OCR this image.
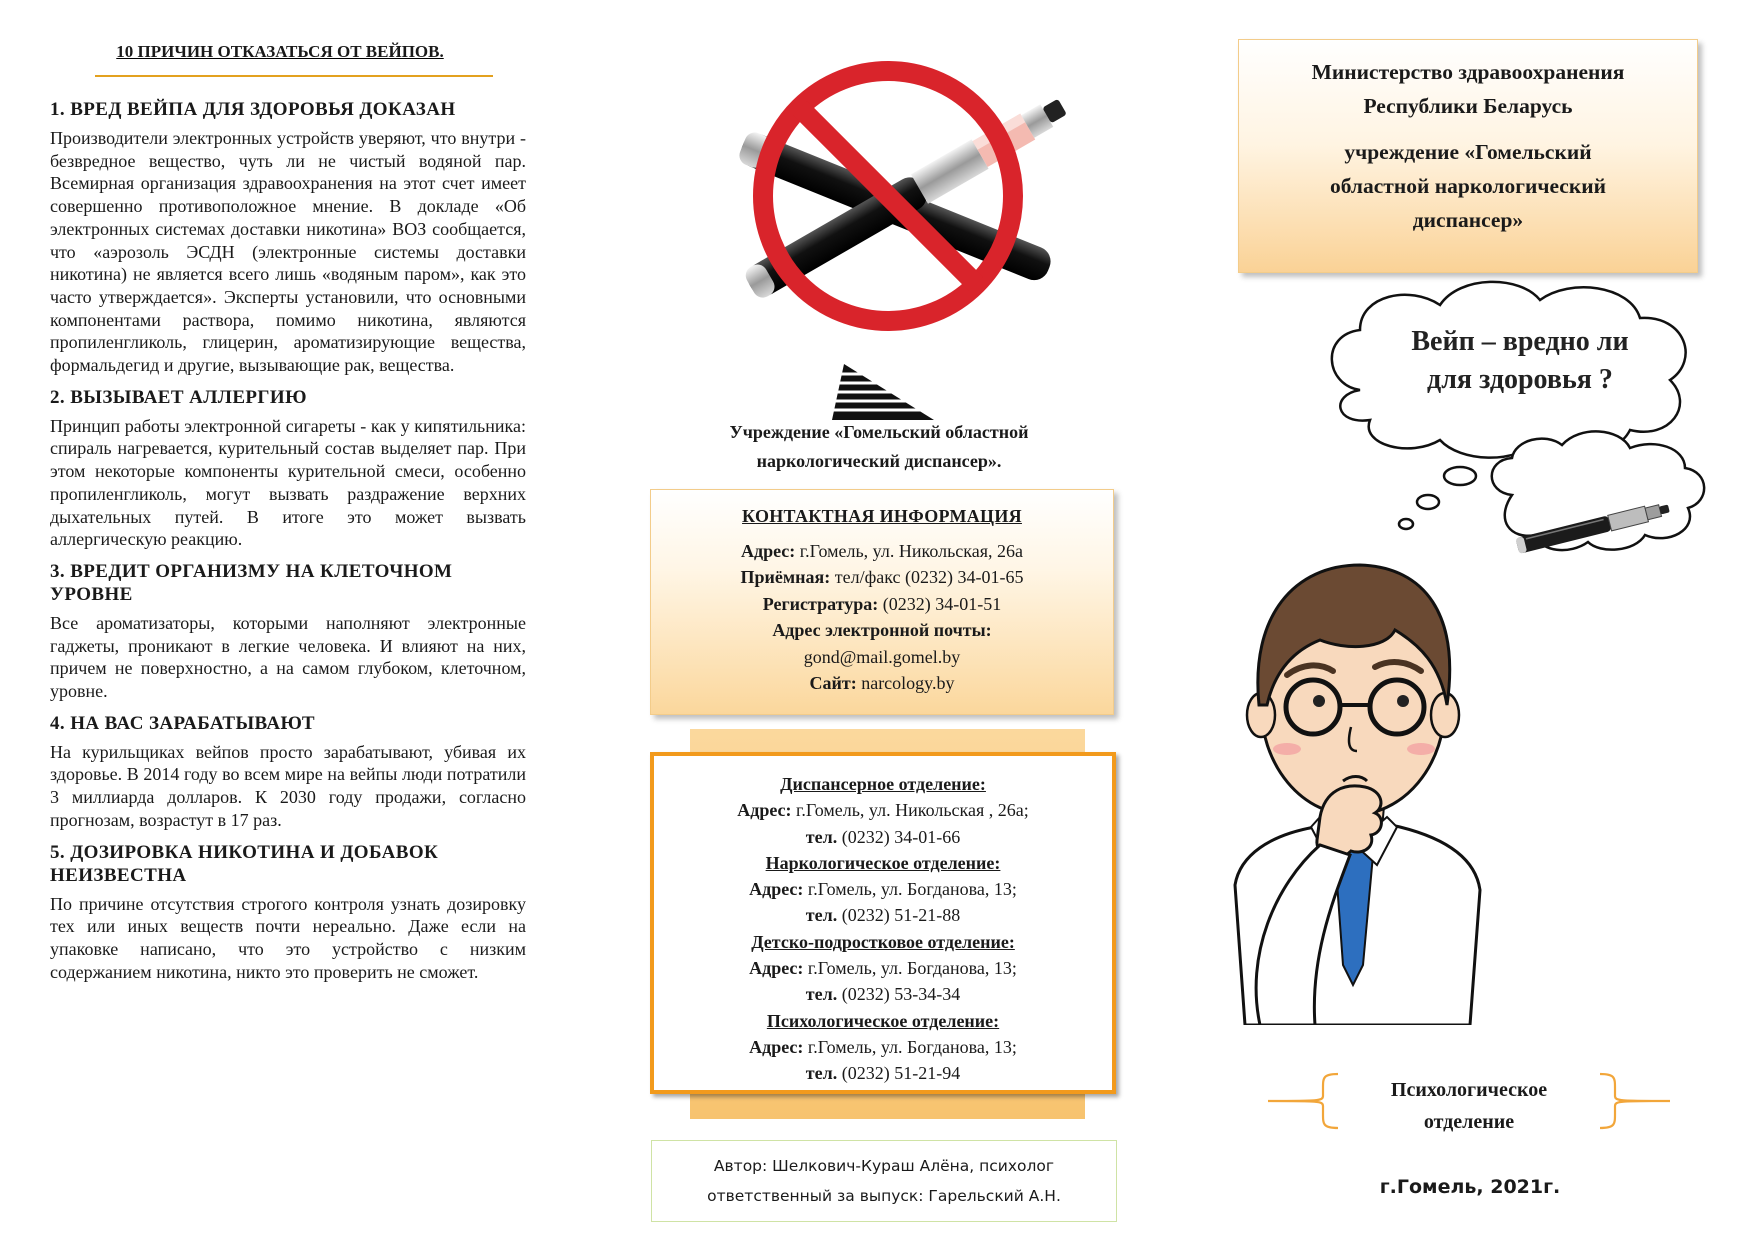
10 ПРИЧИН ОТКАЗАТЬСЯ ОТ ВЕЙПОВ.
1. ВРЕД ВЕЙПА ДЛЯ ЗДОРОВЬЯ ДОКАЗАН

Производители электронных устройств уверяют, что внутри - безвредное вещество, чуть ли не чистый водяной пар. Всемирная организация здравоохранения на этот счет имеет совершенно противоположное мнение. В докладе «Об электронных системах доставки никотина» ВОЗ сообщается, что «аэрозоль ЭСДН (электронные системы доставки никотина) не является всего лишь «водяным паром», как это часто утверждается». Эксперты установили, что основными компонентами раствора, помимо никотина, являются пропиленгликоль, глицерин, ароматизирующие вещества, формальдегид и другие, вызывающие рак, вещества.

2. ВЫЗЫВАЕТ АЛЛЕРГИЮ

Принцип работы электронной сигареты - как у кипятильника: спираль нагревается, курительный состав выделяет пар. При этом некоторые компоненты курительной смеси, особенно пропиленгликоль, могут вызвать раздражение верхних дыхательных путей. В итоге это может вызвать аллергическую реакцию.

3. ВРЕДИТ ОРГАНИЗМУ НА КЛЕТОЧНОМ УРОВНЕ

Все ароматизаторы, которыми наполняют электронные гаджеты, проникают в легкие человека. И влияют на них, причем не поверхностно, а на самом глубоком, клеточном, уровне.

4. НА ВАС ЗАРАБАТЫВАЮТ

На курильщиках вейпов просто зарабатывают, убивая их здоровье. В 2014 году во всем мире на вейпы люди потратили 3 миллиарда долларов. К 2030 году продажи, согласно прогнозам, возрастут в 17 раз.

5. ДОЗИРОВКА НИКОТИНА И ДОБАВОК НЕИЗВЕСТНА

По причине отсутствия строгого контроля узнать дозировку тех или иных веществ почти нереально. Даже если на упаковке написано, что это устройство с низким содержанием никотина, никто это проверить не сможет.

Учреждение «Гомельский областной
наркологический диспансер».
КОНТАКТНАЯ ИНФОРМАЦИЯ
Адрес: г.Гомель, ул. Никольская, 26а
Приёмная: тел/факс (0232) 34-01-65
Регистратура: (0232) 34-01-51
Адрес электронной почты:
gond@mail.gomel.by
Сайт: narcology.by
Диспансерное отделение:
Адрес: г.Гомель, ул. Никольская , 26а;
тел. (0232) 34-01-66
Наркологическое отделение:
Адрес: г.Гомель, ул. Богданова, 13;
тел. (0232) 51-21-88
Детско-подростковое отделение:
Адрес: г.Гомель, ул. Богданова, 13;
тел. (0232) 53-34-34
Психологическое отделение:
Адрес: г.Гомель, ул. Богданова, 13;
тел. (0232) 51-21-94
Автор: Шелкович-Кураш Алёна, психолог
ответственный за выпуск: Гарельский А.Н.
Министерство здравоохранения
Республики Беларусь
учреждение «Гомельский
областной наркологический
диспансер»
Вейп – вредно ли
для здоровья ?
Психологическое
отделение
г.Гомель, 2021г.
